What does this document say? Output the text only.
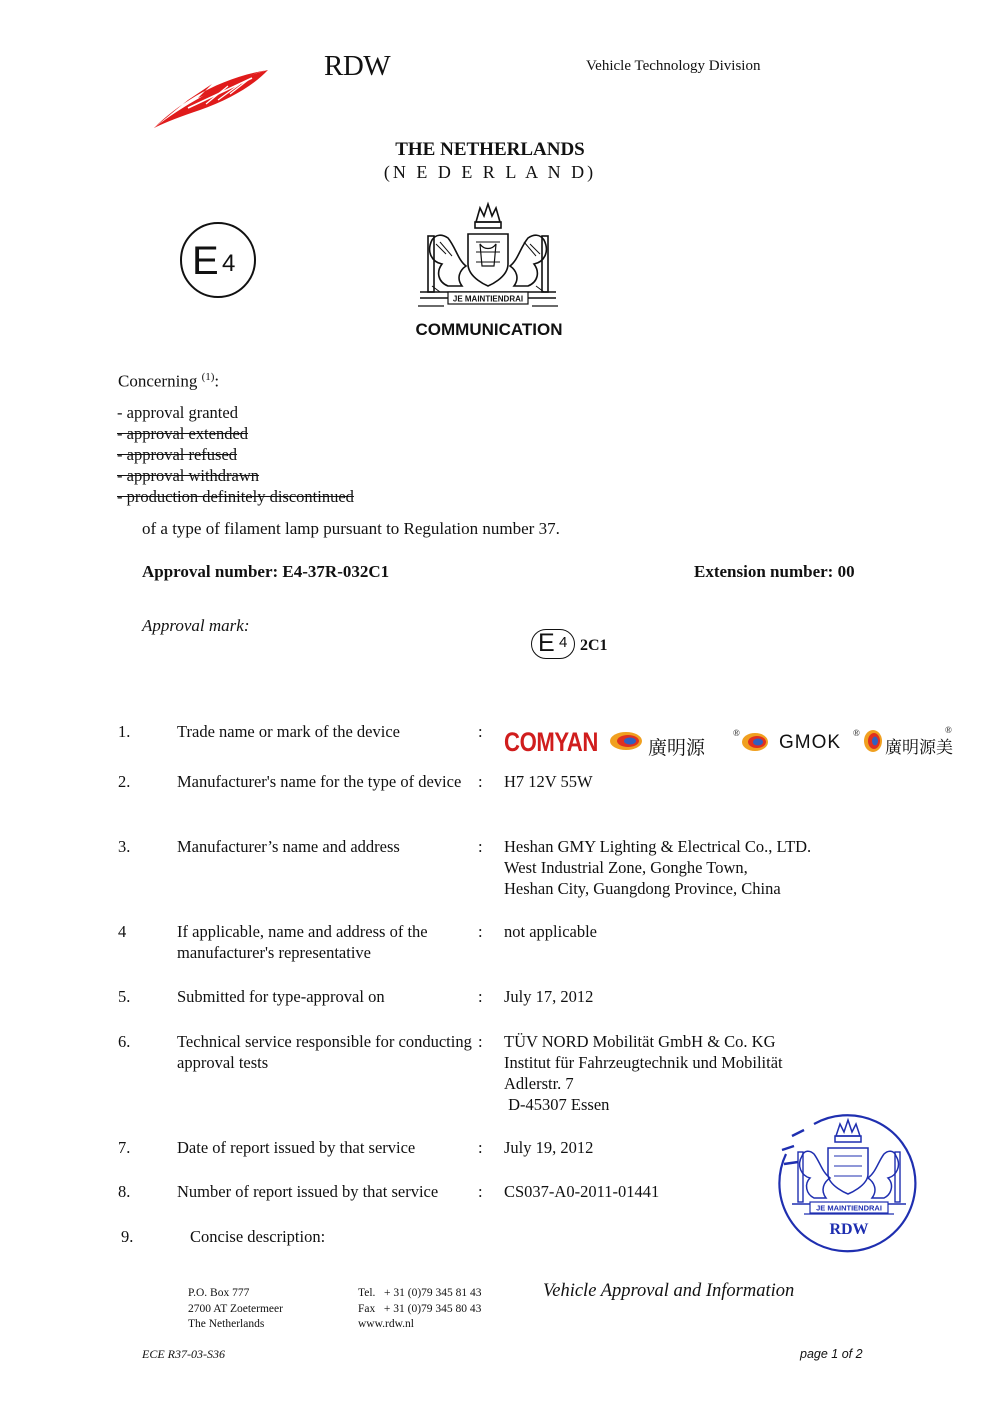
RDW	Vehicle Technology Division
THE NETHERLANDS
(N E D E R L A N D)
E 4
JE MAINTIENDRAI
COMMUNICATION
Concerning $^{(1)}$:
- approval granted
- approval extended
- approval refused
- approval withdrawn
- production definitely discontinued
of a type of filament lamp pursuant to Regulation number 37.
Approval number: E4-37R-032C1	Extension number: 00
Approval mark:
E 4 2C1
1.	Trade name or mark of the device	: COMYAN	廣明源
® GMOK ®
廣明源美
®
2.	Manufacturer's name for the type of device	: H7 12V 55W
3.	Manufacturer’s name and address	: Heshan GMY Lighting & Electrical Co., LTD.
West Industrial Zone, Gonghe Town,
Heshan City, Guangdong Province, China
4	If applicable, name and address of the manufacturer's representative
: not applicable
5.	Submitted for type-approval on	: July 17, 2012
6.	Technical service responsible for conducting approval tests
: TÜV NORD Mobilität GmbH & Co. KG
Institut für Fahrzeugtechnik und Mobilität
Adlerstr. 7
D-45307 Essen
7.	Date of report issued by that service	: July 19, 2012
8.	Number of report issued by that service	: CS037-A0-2011-01441
9.	Concise description:
JE MAINTIENDRAI
RDW
P.O. Box 777
2700 AT Zoetermeer
The Netherlands
Tel.   + 31 (0)79 345 81 43
Fax   + 31 (0)79 345 80 43
www.rdw.nl
Vehicle Approval and Information
ECE R37-03-S36	page 1 of 2
